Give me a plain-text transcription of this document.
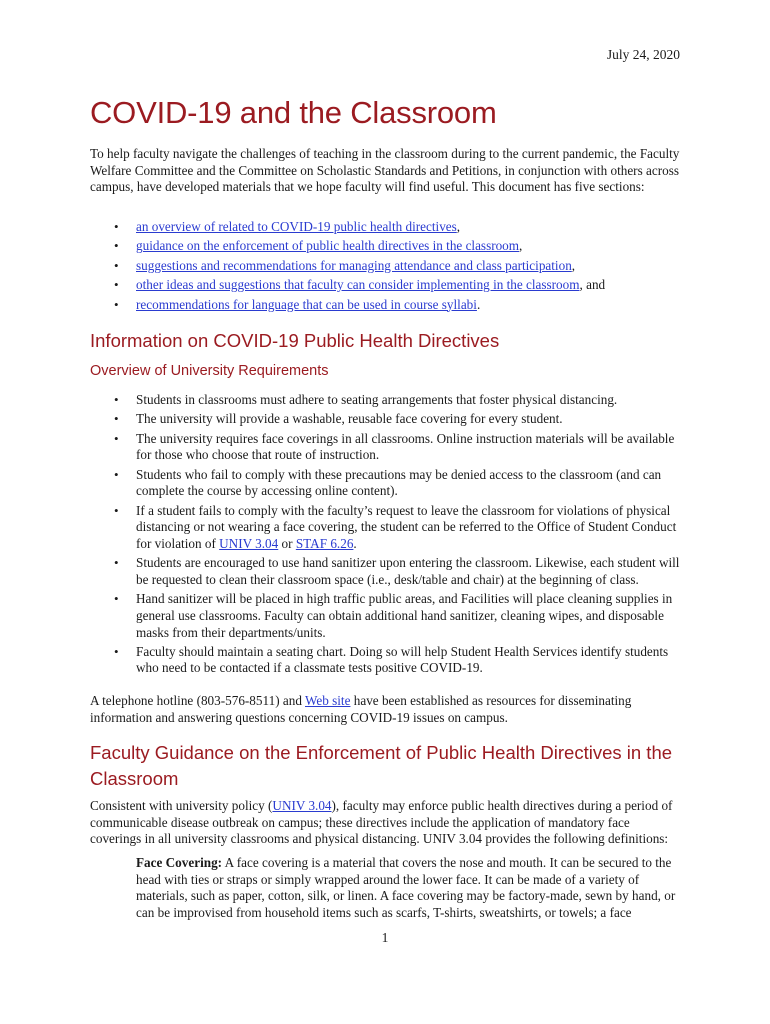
July 24, 2020
COVID-19 and the Classroom

To help faculty navigate the challenges of teaching in the classroom during to the current pandemic, the Faculty Welfare Committee and the Committee on Scholastic Standards and Petitions, in conjunction with others across campus, have developed materials that we hope faculty will find useful. This document has five sections:

• an overview of related to COVID-19 public health directives,
• guidance on the enforcement of public health directives in the classroom,
• suggestions and recommendations for managing attendance and class participation,
• other ideas and suggestions that faculty can consider implementing in the classroom, and
• recommendations for language that can be used in course syllabi.
Information on COVID-19 Public Health Directives
Overview of University Requirements
• Students in classrooms must adhere to seating arrangements that foster physical distancing.
• The university will provide a washable, reusable face covering for every student.
• The university requires face coverings in all classrooms. Online instruction materials will be available for those who choose that route of instruction.
• Students who fail to comply with these precautions may be denied access to the classroom (and can complete the course by accessing online content).
• If a student fails to comply with the faculty’s request to leave the classroom for violations of physical distancing or not wearing a face covering, the student can be referred to the Office of Student Conduct for violation of UNIV 3.04 or STAF 6.26.
• Students are encouraged to use hand sanitizer upon entering the classroom. Likewise, each student will be requested to clean their classroom space (i.e., desk/table and chair) at the beginning of class.
• Hand sanitizer will be placed in high traffic public areas, and Facilities will place cleaning supplies in general use classrooms. Faculty can obtain additional hand sanitizer, cleaning wipes, and disposable masks from their departments/units.
• Faculty should maintain a seating chart. Doing so will help Student Health Services identify students who need to be contacted if a classmate tests positive COVID-19.

A telephone hotline (803-576-8511) and Web site have been established as resources for disseminating information and answering questions concerning COVID-19 issues on campus.

Faculty Guidance on the Enforcement of Public Health Directives in the Classroom

Consistent with university policy (UNIV 3.04), faculty may enforce public health directives during a period of communicable disease outbreak on campus; these directives include the application of mandatory face coverings in all university classrooms and physical distancing. UNIV 3.04 provides the following definitions:

Face Covering: A face covering is a material that covers the nose and mouth. It can be secured to the head with ties or straps or simply wrapped around the lower face. It can be made of a variety of materials, such as paper, cotton, silk, or linen. A face covering may be factory-made, sewn by hand, or can be improvised from household items such as scarfs, T-shirts, sweatshirts, or towels; a face

1
